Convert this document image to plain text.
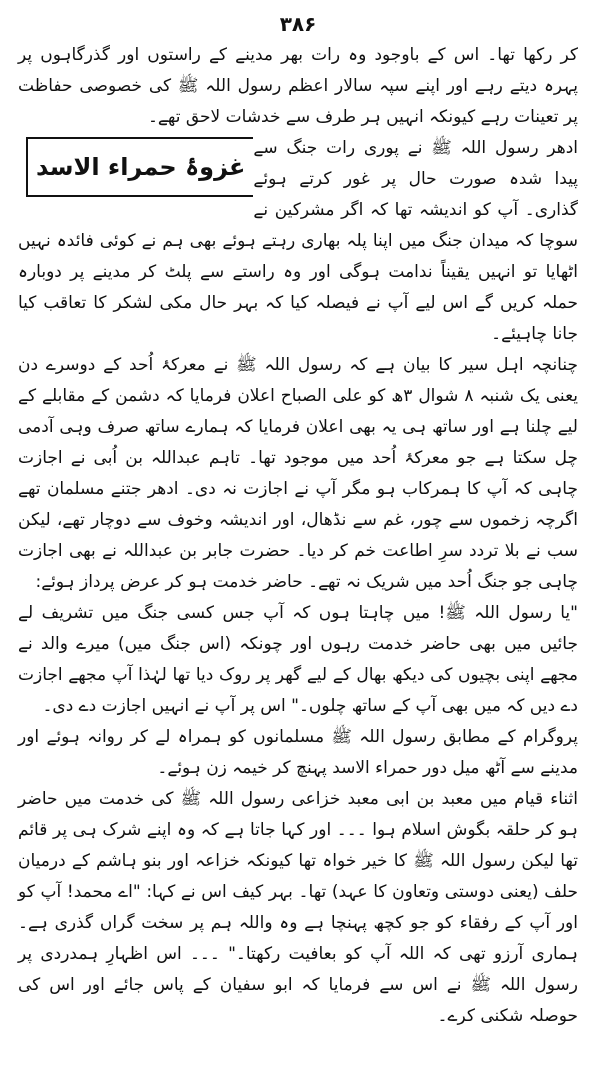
۳۸۶

کر رکھا تھا۔ اس کے باوجود وہ رات بھر مدینے کے راستوں اور گذرگاہوں پر پہرہ دیتے رہے اور اپنے سپہ سالار اعظم رسول اللہ ﷺ کی خصوصی حفاظت پر تعینات رہے کیونکہ انہیں ہر طرف سے خدشات لاحق تھے۔

غزوۂ حمراء الاسد

ادھر رسول اللہ ﷺ نے پوری رات جنگ سے پیدا شدہ صورت حال پر غور کرتے ہوئے گذاری۔ آپ کو اندیشہ تھا کہ اگر مشرکین نے سوچا کہ میدان جنگ میں اپنا پلہ بھاری رہتے ہوئے بھی ہم نے کوئی فائدہ نہیں اٹھایا تو انہیں یقیناً ندامت ہوگی اور وہ راستے سے پلٹ کر مدینے پر دوبارہ حملہ کریں گے اس لیے آپ نے فیصلہ کیا کہ بہر حال مکی لشکر کا تعاقب کیا جانا چاہیئے۔

چنانچہ اہل سیر کا بیان ہے کہ رسول اللہ ﷺ نے معرکۂ اُحد کے دوسرے دن یعنی یک شنبہ ۸ شوال ۳ھ کو علی الصباح اعلان فرمایا کہ دشمن کے مقابلے کے لیے چلنا ہے اور ساتھ ہی یہ بھی اعلان فرمایا کہ ہمارے ساتھ صرف وہی آدمی چل سکتا ہے جو معرکۂ اُحد میں موجود تھا۔ تاہم عبداللہ بن اُبی نے اجازت چاہی کہ آپ کا ہمرکاب ہو مگر آپ نے اجازت نہ دی۔ ادھر جتنے مسلمان تھے اگرچہ زخموں سے چور، غم سے نڈھال، اور اندیشہ وخوف سے دوچار تھے، لیکن سب نے بلا تردد سرِ اطاعت خم کر دیا۔ حضرت جابر بن عبداللہ نے بھی اجازت چاہی جو جنگ اُحد میں شریک نہ تھے۔ حاضر خدمت ہو کر عرض پرداز ہوئے:

"یا رسول اللہ ﷺ! میں چاہتا ہوں کہ آپ جس کسی جنگ میں تشریف لے جائیں میں بھی حاضر خدمت رہوں اور چونکہ (اس جنگ میں) میرے والد نے مجھے اپنی بچیوں کی دیکھ بھال کے لیے گھر پر روک دیا تھا لہٰذا آپ مجھے اجازت دے دیں کہ میں بھی آپ کے ساتھ چلوں۔" اس پر آپ نے انہیں اجازت دے دی۔

پروگرام کے مطابق رسول اللہ ﷺ مسلمانوں کو ہمراہ لے کر روانہ ہوئے اور مدینے سے آٹھ میل دور حمراء الاسد پہنچ کر خیمہ زن ہوئے۔

اثناء قیام میں معبد بن ابی معبد خزاعی رسول اللہ ﷺ کی خدمت میں حاضر ہو کر حلقہ بگوش اسلام ہوا ۔۔۔ اور کہا جاتا ہے کہ وہ اپنے شرک ہی پر قائم تھا لیکن رسول اللہ ﷺ کا خیر خواہ تھا کیونکہ خزاعہ اور بنو ہاشم کے درمیان حلف (یعنی دوستی وتعاون کا عہد) تھا۔ بہر کیف اس نے کہا: "اے محمد! آپ کو اور آپ کے رفقاء کو جو کچھ پہنچا ہے وہ واللہ ہم پر سخت گراں گذری ہے۔ ہماری آرزو تھی کہ اللہ آپ کو بعافیت رکھتا۔" ۔۔۔ اس اظہارِ ہمدردی پر رسول اللہ ﷺ نے اس سے فرمایا کہ ابو سفیان کے پاس جائے اور اس کی حوصلہ شکنی کرے۔
